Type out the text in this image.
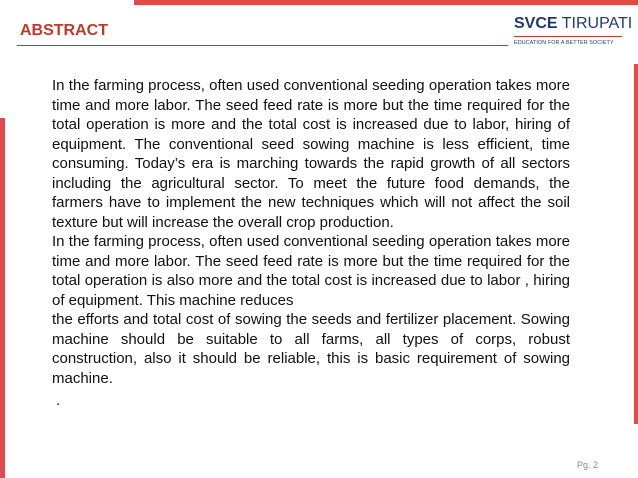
ABSTRACT	SVCE TIRUPATI
EDUCATION FOR A BETTER SOCIETY

In the farming process, often used conventional seeding operation takes more time and more labor. The seed feed rate is more but the time required for the total operation is more and the total cost is increased due to labor, hiring of equipment. The conventional seed sowing machine is less efficient, time consuming. Today’s era is marching towards the rapid growth of all sectors including the agricultural sector. To meet the future food demands, the farmers have to implement the new techniques which will not affect the soil texture but will increase the overall crop production.

In the farming process, often used conventional seeding operation takes more time and more labor. The seed feed rate is more but the time required for the total operation is also more and the total cost is increased due to labor , hiring of equipment. This machine reduces

the efforts and total cost of sowing the seeds and fertilizer placement. Sowing machine should be suitable to all farms, all types of corps, robust construction, also it should be reliable, this is basic requirement of sowing machine.

.
Pg. 2
